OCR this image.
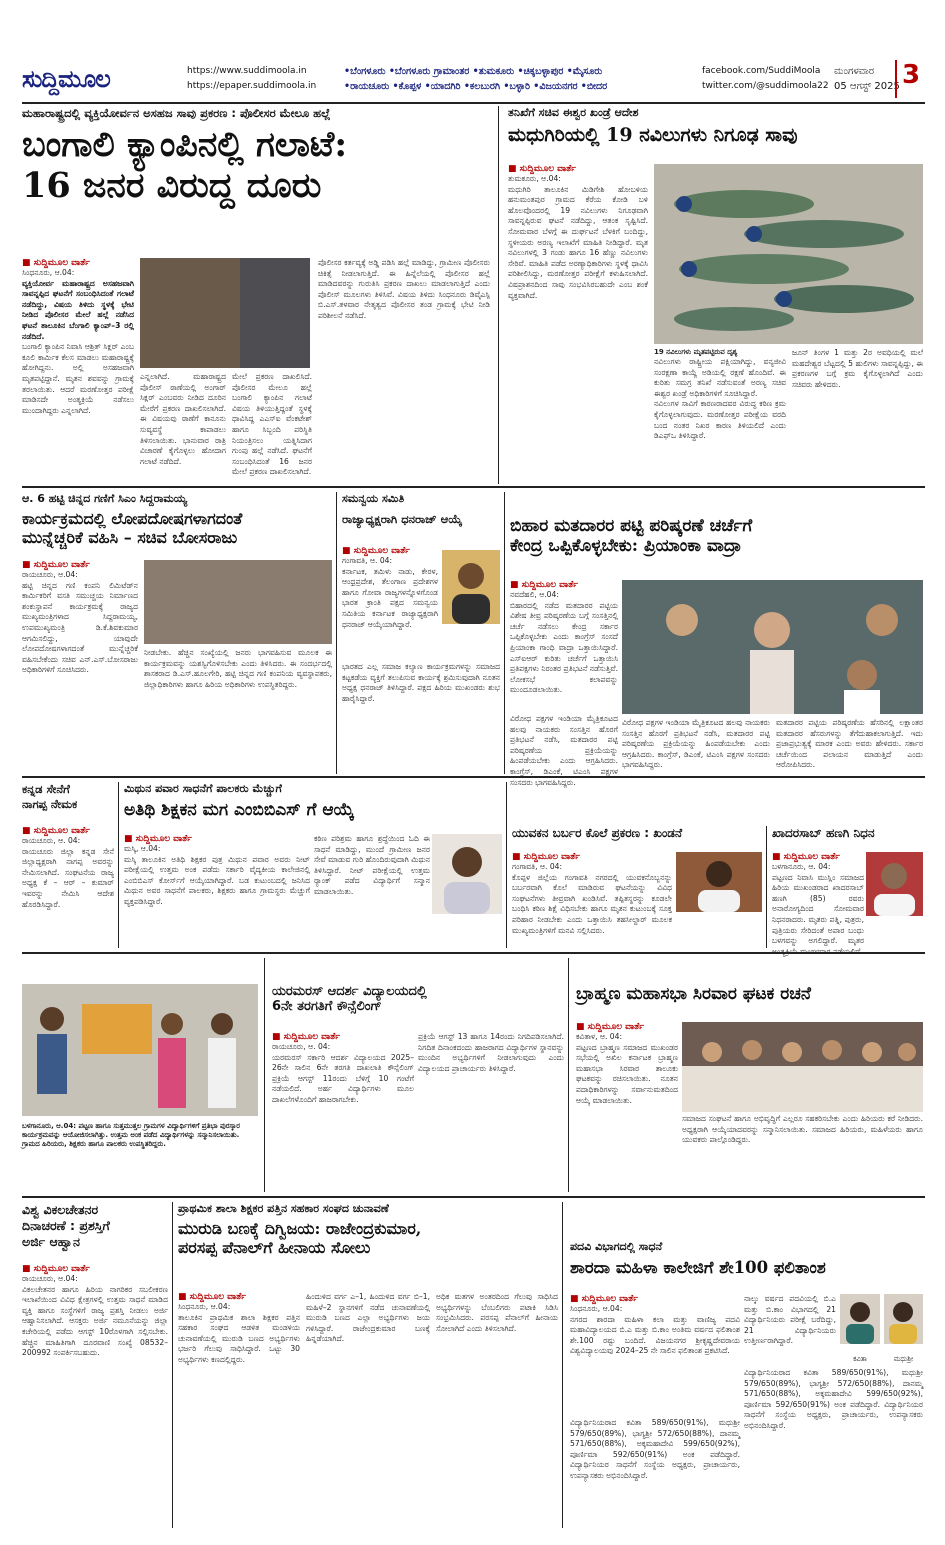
ಸುದ್ದಿಮೂಲ	https://www.suddimoola.in
https://epaper.suddimoola.in
•ಬೆಂಗಳೂರು •ಬೆಂಗಳೂರು ಗ್ರಾಮಾಂತರ •ತುಮಕೂರು •ಚಿಕ್ಕಬಳ್ಳಾಪುರ •ಮೈಸೂರು
•ರಾಯಚೂರು •ಕೊಪ್ಪಳ •ಯಾದಗಿರಿ •ಕಲಬುರಗಿ •ಬಳ್ಳಾರಿ •ವಿಜಯನಗರ •ಬೀದರ
facebook.com/SuddiMoola
twitter.com/@suddimoola22
ಮಂಗಳವಾರ
05 ಆಗಸ್ಟ್ 2025 3
ಮಹಾರಾಷ್ಟ್ರದಲ್ಲಿ ವ್ಯಕ್ತಿಯೋರ್ವನ ಅಸಹಜ ಸಾವು ಪ್ರಕರಣ : ಪೊಲೀಸರ ಮೇಲೂ ಹಲ್ಲೆ
ಬಂಗಾಲಿ ಕ್ಯಾಂಪಿನಲ್ಲಿ ಗಲಾಟೆ:
16 ಜನರ ವಿರುದ್ದ ದೂರು
■ ಸುದ್ದಿಮೂಲ ವಾರ್ತೆ
ಸಿಂಧನೂರು, ಆ.04:
ವ್ಯಕ್ತಿಯೋರ್ವ ಮಹಾರಾಷ್ಟ್ರದ ಅಸಹಜವಾಗಿ ಸಾವನ್ನಪ್ಪಿದ ಘಟನೆಗೆ ಸಂಬಂಧಿಸಿದಂತೆ ಗಲಾಟೆ ನಡೆದಿದ್ದು, ವಿಷಯ ತಿಳಿದು ಸ್ಥಳಕ್ಕೆ ಭೇಟಿ ನೀಡಿದ ಪೊಲೀಸರ ಮೇಲೆ ಹಲ್ಲೆ ನಡೆಸಿದ ಘಟನೆ ತಾಲೂಕಿನ ಬೆಂಗಾಲಿ ಕ್ಯಾಂಪ್–3 ರಲ್ಲಿ ನಡೆದಿದೆ.
ಬಂಗಾಲಿ ಕ್ಯಾಂಪಿನ ನಿವಾಸಿ ಆಶ್ರಿತ್ ಸಿಕ್ಲರ್ ಎಂಬ ಕೂಲಿ ಕಾರ್ಮಿಕ ಕೆಲಸ ಮಾಡಲು ಮಹಾರಾಷ್ಟ್ರಕ್ಕೆ ಹೋಗಿದ್ದನು. ಅಲ್ಲಿ ಅಸಹಜವಾಗಿ ಮೃತಪಟ್ಟಿದ್ದಾನೆ. ಮೃತನ ಶವವನ್ನು ಗ್ರಾಮಕ್ಕೆ ತರಲಾಯಿತು. ಆದರೆ ಮರಣೋತ್ತರ ಪರೀಕ್ಷೆ ಮಾಡಿಸದೇ ಅಂತ್ಯಕ್ರಿಯೆ ನಡೆಸಲು ಮುಂದಾಗಿದ್ದರು ಎನ್ನಲಾಗಿದೆ.
ಎನ್ನಲಾಗಿದೆ. ಮಹಾರಾಷ್ಟ್ರದ ಪೊಲೀಸ್ ಠಾಣೆಯಲ್ಲಿ ಅಂಗಾರ್ ಸಿಕ್ಲರ್ ಎಂಬವರು ನೀಡಿದ ದೂರಿನ ಮೇರೆಗೆ ಪ್ರಕರಣ ದಾಖಲಿಸಲಾಗಿದೆ. ಈ ವಿಷಯವು ಠಾಣೆಗೆ ಕಾನೂನು ಸುವ್ಯವಸ್ಥೆ ಕಾಪಾಡಲು ತಿಳಿಸಲಾಯಿತು. ಭಾನುವಾರ ರಾತ್ರಿ ವಿಚಾರಣೆ ಕೈಗೊಳ್ಳಲು ಹೋದಾಗ ಗಲಾಟೆ ನಡೆದಿದೆ.
ಮೇಲೆ ಪ್ರಕರಣ ದಾಖಲಿಸಿದೆ. ಪೊಲೀಸರ ಮೇಲೂ ಹಲ್ಲೆ ಬಂಗಾಲಿ ಕ್ಯಾಂಪಿನ ಗಲಾಟೆ ವಿಷಯ ತಿಳಿಯುತ್ತಿದ್ದಂತೆ ಸ್ಥಳಕ್ಕೆ ಧಾವಿಸಿದ್ದ ಎಎಸ್ಐ ವೆಂಕಟೇಶ್ ಹಾಗೂ ಸಿಬ್ಬಂದಿ ಪರಿಸ್ಥಿತಿ ನಿಯಂತ್ರಿಸಲು ಯತ್ನಿಸಿದಾಗ ಗುಂಪು ಹಲ್ಲೆ ನಡೆಸಿದೆ. ಘಟನೆಗೆ ಸಂಬಂಧಿಸಿದಂತೆ 16 ಜನರ ಮೇಲೆ ಪ್ರಕರಣ ದಾಖಲಿಸಲಾಗಿದೆ.
ಪೊಲೀಸರ ಕರ್ತವ್ಯಕ್ಕೆ ಅಡ್ಡಿ ಪಡಿಸಿ ಹಲ್ಲೆ ಮಾಡಿದ್ದು, ಗ್ರಾಮೀಣ ಪೊಲೀಸರು ಚಿಕಿತ್ಸೆ ನೀಡಲಾಗುತ್ತಿದೆ. ಈ ಹಿನ್ನೆಲೆಯಲ್ಲಿ ಪೊಲೀಸರ ಹಲ್ಲೆ ಮಾಡಿದವರನ್ನು ಗುರುತಿಸಿ ಪ್ರಕರಣ ದಾಖಲು ಮಾಡಲಾಗುತ್ತಿದೆ ಎಂದು ಪೊಲೀಸ್ ಮೂಲಗಳು ತಿಳಿಸಿವೆ. ವಿಷಯ ತಿಳಿದು ಸಿಂಧನೂರು ಡಿವೈಎಸ್ಪಿ ಬಿ.ಎಸ್.ತಳವಾರ ನೇತೃತ್ವದ ಪೊಲೀಸರ ತಂಡ ಗ್ರಾಮಕ್ಕೆ ಭೇಟಿ ನೀಡಿ ಪರಿಶೀಲನೆ ನಡೆಸಿದೆ.
ತನಿಖೆಗೆ ಸಚಿವ ಈಶ್ವರ ಖಂಡ್ರೆ ಆದೇಶ
ಮಧುಗಿರಿಯಲ್ಲಿ 19 ನವಿಲುಗಳು ನಿಗೂಢ ಸಾವು
■ ಸುದ್ದಿಮೂಲ ವಾರ್ತೆ
ತುಮಕೂರು, ಆ.04:
ಮಧುಗಿರಿ ತಾಲೂಕಿನ ಮಿಡಿಗೇಶಿ ಹೋಬಳಿಯ ಹನುಮಂತಪುರ ಗ್ರಾಮದ ಕೆರೆಯ ಕೋಡಿ ಬಳಿ ಹೊಲವೊಂದರಲ್ಲಿ 19 ನವಿಲುಗಳು ನಿಗೂಢವಾಗಿ ಸಾವನ್ನಪ್ಪಿರುವ ಘಟನೆ ನಡೆದಿದ್ದು, ಆತಂಕ ಸೃಷ್ಟಿಸಿದೆ. ಸೋಮವಾರ ಬೆಳಗ್ಗೆ ಈ ದುರ್ಘಟನೆ ಬೆಳಕಿಗೆ ಬಂದಿದ್ದು, ಸ್ಥಳೀಯರು ಅರಣ್ಯ ಇಲಾಖೆಗೆ ಮಾಹಿತಿ ನೀಡಿದ್ದಾರೆ. ಮೃತ ನವಿಲುಗಳಲ್ಲಿ 3 ಗಂಡು ಹಾಗೂ 16 ಹೆಣ್ಣು ನವಿಲುಗಳು ಸೇರಿವೆ. ಮಾಹಿತಿ ಪಡೆದ ಅರಣ್ಯಾಧಿಕಾರಿಗಳು ಸ್ಥಳಕ್ಕೆ ಧಾವಿಸಿ ಪರಿಶೀಲಿಸಿದ್ದು, ಮರಣೋತ್ತರ ಪರೀಕ್ಷೆಗೆ ಕಳುಹಿಸಲಾಗಿದೆ. ವಿಷಪ್ರಾಶನದಿಂದ ಸಾವು ಸಂಭವಿಸಿರಬಹುದೇ ಎಂಬ ಶಂಕೆ ವ್ಯಕ್ತವಾಗಿದೆ.
19 ನವಿಲುಗಳು ಮೃತಪಟ್ಟಿರುವ ದೃಶ್ಯ
ನವಿಲುಗಳು ರಾಷ್ಟ್ರೀಯ ಪಕ್ಷಿಯಾಗಿದ್ದು, ವನ್ಯಜೀವಿ ಸಂರಕ್ಷಣಾ ಕಾಯ್ದೆ ಅಡಿಯಲ್ಲಿ ರಕ್ಷಣೆ ಹೊಂದಿವೆ. ಈ ಕುರಿತು ಸಮಗ್ರ ತನಿಖೆ ನಡೆಸುವಂತೆ ಅರಣ್ಯ ಸಚಿವ ಈಶ್ವರ ಖಂಡ್ರೆ ಅಧಿಕಾರಿಗಳಿಗೆ ಸೂಚಿಸಿದ್ದಾರೆ.
ನವಿಲುಗಳ ಸಾವಿಗೆ ಕಾರಣರಾದವರ ವಿರುದ್ಧ ಕಠಿಣ ಕ್ರಮ ಕೈಗೊಳ್ಳಲಾಗುವುದು. ಮರಣೋತ್ತರ ಪರೀಕ್ಷೆಯ ವರದಿ ಬಂದ ನಂತರ ನಿಖರ ಕಾರಣ ತಿಳಿಯಲಿದೆ ಎಂದು ಡಿಎಫ್ಒ ತಿಳಿಸಿದ್ದಾರೆ.
ಜೂನ್ ತಿಂಗಳ 1 ಮತ್ತು 2ರ ಅವಧಿಯಲ್ಲಿ ಮಲೆ ಮಹದೇಶ್ವರ ಬೆಟ್ಟದಲ್ಲಿ 5 ಹುಲಿಗಳು ಸಾವನ್ನಪ್ಪಿದ್ದು, ಈ ಪ್ರಕರಣಗಳ ಬಗ್ಗೆ ಕ್ರಮ ಕೈಗೊಳ್ಳಲಾಗಿದೆ ಎಂದು ಸಚಿವರು ಹೇಳಿದರು.
ಆ. 6 ಹಟ್ಟಿ ಚಿನ್ನದ ಗಣಿಗೆ ಸಿಎಂ ಸಿದ್ದರಾಮಯ್ಯ
ಕಾರ್ಯಕ್ರಮದಲ್ಲಿ ಲೋಪದೋಷಗಳಾಗದಂತೆ
ಮುನ್ನೆಚ್ಚರಿಕೆ ವಹಿಸಿ – ಸಚಿವ ಬೋಸರಾಜು
■ ಸುದ್ದಿಮೂಲ ವಾರ್ತೆ
ರಾಯಚೂರು, ಆ.04:
ಹಟ್ಟಿ ಚಿನ್ನದ ಗಣಿ ಕಂಪನಿ ಲಿಮಿಟೆಡ್‌ನ ಕಾರ್ಮಿಕರಿಗೆ ವಸತಿ ಸಮುಚ್ಚಯ ನಿರ್ಮಾಣದ ಶಂಕುಸ್ಥಾಪನೆ ಕಾರ್ಯಕ್ರಮಕ್ಕೆ ರಾಜ್ಯದ ಮುಖ್ಯಮಂತ್ರಿಗಳಾದ ಸಿದ್ದರಾಮಯ್ಯ, ಉಪಮುಖ್ಯಮಂತ್ರಿ ಡಿ.ಕೆ.ಶಿವಕುಮಾರ ಆಗಮಿಸಲಿದ್ದು, ಯಾವುದೇ ಲೋಪದೋಷಗಳಾಗದಂತೆ ಮುನ್ನೆಚ್ಚರಿಕೆ ವಹಿಸಬೇಕೆಂದು ಸಚಿವ ಎನ್.ಎಸ್.ಬೋಸರಾಜು ಅಧಿಕಾರಿಗಳಿಗೆ ಸೂಚಿಸಿದರು.
ನೀಡಬೇಕು. ಹೆಚ್ಚಿನ ಸಂಖ್ಯೆಯಲ್ಲಿ ಜನರು ಭಾಗವಹಿಸುವ ಮೂಲಕ ಈ ಕಾರ್ಯಕ್ರಮವನ್ನು ಯಶಸ್ವಿಗೊಳಿಸಬೇಕು ಎಂದು ತಿಳಿಸಿದರು. ಈ ಸಂದರ್ಭದಲ್ಲಿ ಶಾಸಕರಾದ ಡಿ.ಎಸ್.ಹೂಲಗೇರಿ, ಹಟ್ಟಿ ಚಿನ್ನದ ಗಣಿ ಕಂಪನಿಯ ವ್ಯವಸ್ಥಾಪಕರು, ಜಿಲ್ಲಾಧಿಕಾರಿಗಳು ಹಾಗೂ ಹಿರಿಯ ಅಧಿಕಾರಿಗಳು ಉಪಸ್ಥಿತರಿದ್ದರು.
ಸಮನ್ವಯ ಸಮಿತಿ
ರಾಜ್ಯಾಧ್ಯಕ್ಷರಾಗಿ ಧನರಾಜ್ ಆಯ್ಕೆ
■ ಸುದ್ದಿಮೂಲ ವಾರ್ತೆ
ಗಂಗಾವತಿ, ಆ. 04:
ಕರ್ನಾಟಕ, ತಮಿಳು ನಾಡು, ಕೇರಳ, ಆಂಧ್ರಪ್ರದೇಶ, ತೆಲಂಗಾಣ ಪ್ರದೇಶಗಳ ಹಾಗೂ ಗೋವಾ ರಾಜ್ಯಗಳನ್ನೊಳಗೊಂಡ ಭಾರತ ಕ್ರಾಂತಿ ಪಕ್ಷದ ಸಮನ್ವಯ ಸಮಿತಿಯ ಕರ್ನಾಟಕ ರಾಜ್ಯಾಧ್ಯಕ್ಷರಾಗಿ ಧನರಾಜ್ ಆಯ್ಕೆಯಾಗಿದ್ದಾರೆ.
ಭಾರತದ ಎಲ್ಲ ಸಮಾಜ ಕಲ್ಯಾಣ ಕಾರ್ಯಕ್ರಮಗಳನ್ನು ಸಮಾಜದ ಕಟ್ಟಕಡೆಯ ವ್ಯಕ್ತಿಗೆ ತಲುಪಿಸುವ ಕಾರ್ಯಕ್ಕೆ ಶ್ರಮಿಸುವುದಾಗಿ ನೂತನ ಅಧ್ಯಕ್ಷ ಧನರಾಜ್ ತಿಳಿಸಿದ್ದಾರೆ. ಪಕ್ಷದ ಹಿರಿಯ ಮುಖಂಡರು ಶುಭ ಹಾರೈಸಿದ್ದಾರೆ.
ಬಿಹಾರ ಮತದಾರರ ಪಟ್ಟಿ ಪರಿಷ್ಕರಣೆ ಚರ್ಚೆಗೆ
ಕೇಂದ್ರ ಒಪ್ಪಿಕೊಳ್ಳಬೇಕು: ಪ್ರಿಯಾಂಕಾ ವಾದ್ರಾ
■ ಸುದ್ದಿಮೂಲ ವಾರ್ತೆ
ನವದೆಹಲಿ, ಆ.04:
ಬಿಹಾರದಲ್ಲಿ ನಡೆದ ಮತದಾರರ ಪಟ್ಟಿಯ ವಿಶೇಷ ತೀವ್ರ ಪರಿಷ್ಕರಣೆಯ ಬಗ್ಗೆ ಸಂಸತ್ತಿನಲ್ಲಿ ಚರ್ಚೆ ನಡೆಸಲು ಕೇಂದ್ರ ಸರ್ಕಾರ ಒಪ್ಪಿಕೊಳ್ಳಬೇಕು ಎಂದು ಕಾಂಗ್ರೆಸ್ ಸಂಸದೆ ಪ್ರಿಯಾಂಕಾ ಗಾಂಧಿ ವಾದ್ರಾ ಒತ್ತಾಯಿಸಿದ್ದಾರೆ. ಎಸ್ಐಆರ್ ಕುರಿತು ಚರ್ಚೆಗೆ ಒತ್ತಾಯಿಸಿ ಪ್ರತಿಪಕ್ಷಗಳು ನಿರಂತರ ಪ್ರತಿಭಟನೆ ನಡೆಸುತ್ತಿವೆ. ಲೋಕಸಭೆ ಕಲಾಪವನ್ನು ಮುಂದೂಡಲಾಯಿತು.
ವಿರೋಧ ಪಕ್ಷಗಳ ಇಂಡಿಯಾ ಮೈತ್ರಿಕೂಟದ ಹಲವು ನಾಯಕರು ಸಂಸತ್ತಿನ ಹೊರಗೆ ಪ್ರತಿಭಟನೆ ನಡೆಸಿ, ಮತದಾರರ ಪಟ್ಟಿ ಪರಿಷ್ಕರಣೆಯ ಪ್ರಕ್ರಿಯೆಯನ್ನು ಹಿಂಪಡೆಯಬೇಕು ಎಂದು ಆಗ್ರಹಿಸಿದರು. ಕಾಂಗ್ರೆಸ್, ಡಿಎಂಕೆ, ಟಿಎಂಸಿ ಪಕ್ಷಗಳ ಸಂಸದರು ಭಾಗವಹಿಸಿದ್ದರು.
ವಿರೋಧ ಪಕ್ಷಗಳ ಇಂಡಿಯಾ ಮೈತ್ರಿಕೂಟದ ಹಲವು ನಾಯಕರು ಸಂಸತ್ತಿನ ಹೊರಗೆ ಪ್ರತಿಭಟನೆ ನಡೆಸಿ, ಮತದಾರರ ಪಟ್ಟಿ ಪರಿಷ್ಕರಣೆಯ ಪ್ರಕ್ರಿಯೆಯನ್ನು ಹಿಂಪಡೆಯಬೇಕು ಎಂದು ಆಗ್ರಹಿಸಿದರು. ಕಾಂಗ್ರೆಸ್, ಡಿಎಂಕೆ, ಟಿಎಂಸಿ ಪಕ್ಷಗಳ ಸಂಸದರು ಭಾಗವಹಿಸಿದ್ದರು.
ಮತದಾರರ ಪಟ್ಟಿಯ ಪರಿಷ್ಕರಣೆಯ ಹೆಸರಿನಲ್ಲಿ ಲಕ್ಷಾಂತರ ಮತದಾರರ ಹೆಸರುಗಳನ್ನು ತೆಗೆದುಹಾಕಲಾಗುತ್ತಿದೆ. ಇದು ಪ್ರಜಾಪ್ರಭುತ್ವಕ್ಕೆ ಮಾರಕ ಎಂದು ಅವರು ಹೇಳಿದರು. ಸರ್ಕಾರ ಚರ್ಚೆಯಿಂದ ಪಲಾಯನ ಮಾಡುತ್ತಿದೆ ಎಂದು ಆರೋಪಿಸಿದರು.
ಕನ್ನಡ ಸೇನೆಗೆ
ನಾಗಪ್ಪ ನೇಮಕ
■ ಸುದ್ದಿಮೂಲ ವಾರ್ತೆ
ರಾಯಚೂರು, ಆ. 04:
ರಾಯಚೂರು ಜಿಲ್ಲಾ ಕನ್ನಡ ಸೇನೆ ಜಿಲ್ಲಾಧ್ಯಕ್ಷರಾಗಿ ನಾಗಪ್ಪ ಅವರನ್ನು ನೇಮಿಸಲಾಗಿದೆ. ಸಂಘಟನೆಯ ರಾಜ್ಯ ಅಧ್ಯಕ್ಷ ಕೆ – ಆರ್ – ಕುಮಾರ್ ಇವರನ್ನು ನೇಮಿಸಿ ಆದೇಶ ಹೊರಡಿಸಿದ್ದಾರೆ.
ಮಿಥುನ ಪವಾರ ಸಾಧನೆಗೆ ಪಾಲಕರು ಮೆಚ್ಚುಗೆ
ಅತಿಥಿ ಶಿಕ್ಷಕನ ಮಗ ಎಂಬಿಬಿಎಸ್ ಗೆ ಆಯ್ಕೆ
■ ಸುದ್ದಿಮೂಲ ವಾರ್ತೆ
ಮಸ್ಕಿ, ಆ.04:
ಮಸ್ಕಿ ತಾಲೂಕಿನ ಅತಿಥಿ ಶಿಕ್ಷಕರ ಪುತ್ರ ಮಿಥುನ ಪವಾರ ಅವರು ನೀಟ್ ಪರೀಕ್ಷೆಯಲ್ಲಿ ಉತ್ತಮ ಅಂಕ ಪಡೆದು ಸರ್ಕಾರಿ ವೈದ್ಯಕೀಯ ಕಾಲೇಜಿನಲ್ಲಿ ಎಂಬಿಬಿಎಸ್ ಕೋರ್ಸ್‌ಗೆ ಆಯ್ಕೆಯಾಗಿದ್ದಾರೆ. ಬಡ ಕುಟುಂಬದಲ್ಲಿ ಜನಿಸಿದ ಮಿಥುನ ಅವರ ಸಾಧನೆಗೆ ಪಾಲಕರು, ಶಿಕ್ಷಕರು ಹಾಗೂ ಗ್ರಾಮಸ್ಥರು ಮೆಚ್ಚುಗೆ ವ್ಯಕ್ತಪಡಿಸಿದ್ದಾರೆ.
ಕಠಿಣ ಪರಿಶ್ರಮ ಹಾಗೂ ಶ್ರದ್ಧೆಯಿಂದ ಓದಿ ಈ ಸಾಧನೆ ಮಾಡಿದ್ದು, ಮುಂದೆ ಗ್ರಾಮೀಣ ಜನರ ಸೇವೆ ಮಾಡುವ ಗುರಿ ಹೊಂದಿರುವುದಾಗಿ ಮಿಥುನ ತಿಳಿಸಿದ್ದಾರೆ. ನೀಟ್ ಪರೀಕ್ಷೆಯಲ್ಲಿ ಉತ್ತಮ ರ‍್ಯಾಂಕ್ ಪಡೆದ ವಿದ್ಯಾರ್ಥಿಗೆ ಸನ್ಮಾನ ಮಾಡಲಾಯಿತು.
ಯುವಕನ ಬರ್ಬರ ಕೊಲೆ ಪ್ರಕರಣ : ಖಂಡನೆ
■ ಸುದ್ದಿಮೂಲ ವಾರ್ತೆ
ಗಂಗಾವತಿ, ಆ. 04:
ಕೊಪ್ಪಳ ಜಿಲ್ಲೆಯ ಗಂಗಾವತಿ ನಗರದಲ್ಲಿ ಯುವಕನೊಬ್ಬನನ್ನು ಬರ್ಬರವಾಗಿ ಕೊಲೆ ಮಾಡಿರುವ ಘಟನೆಯನ್ನು ವಿವಿಧ ಸಂಘಟನೆಗಳು ತೀವ್ರವಾಗಿ ಖಂಡಿಸಿವೆ. ತಪ್ಪಿತಸ್ಥರನ್ನು ಕೂಡಲೇ ಬಂಧಿಸಿ ಕಠಿಣ ಶಿಕ್ಷೆ ವಿಧಿಸಬೇಕು ಹಾಗೂ ಮೃತನ ಕುಟುಂಬಕ್ಕೆ ಸೂಕ್ತ ಪರಿಹಾರ ನೀಡಬೇಕು ಎಂದು ಒತ್ತಾಯಿಸಿ ತಹಸೀಲ್ದಾರ್ ಮೂಲಕ ಮುಖ್ಯಮಂತ್ರಿಗಳಿಗೆ ಮನವಿ ಸಲ್ಲಿಸಿದರು.
ಖಾದರಸಾಬ್ ಹಣಗಿ ನಿಧನ
■ ಸುದ್ದಿಮೂಲ ವಾರ್ತೆ
ಬಳಗಾನೂರು, ಆ. 04:
ಪಟ್ಟಣದ ನಿವಾಸಿ ಮುಸ್ಲಿಂ ಸಮಾಜದ ಹಿರಿಯ ಮುಖಂಡರಾದ ಖಾದರಸಾಬ್ ಹಣಗಿ (85) ರವರು ಅನಾರೋಗ್ಯದಿಂದ ಸೋಮವಾರ ನಿಧನರಾದರು. ಮೃತರು ಪತ್ನಿ, ಪುತ್ರರು, ಪುತ್ರಿಯರು ಸೇರಿದಂತೆ ಅಪಾರ ಬಂಧು ಬಳಗವನ್ನು ಅಗಲಿದ್ದಾರೆ. ಮೃತರ
ಬಳಗಾನೂರು, ಆ.04: ಪಟ್ಟಣ ಹಾಗೂ ಸುತ್ತಮುತ್ತಲ ಗ್ರಾಮಗಳ ವಿದ್ಯಾರ್ಥಿಗಳಿಗೆ ಪ್ರತಿಭಾ ಪುರಸ್ಕಾರ ಕಾರ್ಯಕ್ರಮವನ್ನು ಆಯೋಜಿಸಲಾಗಿತ್ತು. ಉತ್ತಮ ಅಂಕ ಪಡೆದ ವಿದ್ಯಾರ್ಥಿಗಳನ್ನು ಸನ್ಮಾನಿಸಲಾಯಿತು. ಗ್ರಾಮದ ಹಿರಿಯರು, ಶಿಕ್ಷಕರು ಹಾಗೂ ಪಾಲಕರು ಉಪಸ್ಥಿತರಿದ್ದರು.
ಯರಮರಸ್ ಆದರ್ಶ ವಿದ್ಯಾಲಯದಲ್ಲಿ
6ನೇ ತರಗತಿಗೆ ಕೌನ್ಸೆಲಿಂಗ್
■ ಸುದ್ದಿಮೂಲ ವಾರ್ತೆ
ರಾಯಚೂರು, ಆ. 04:
ಯರಮರಸ್ ಸರ್ಕಾರಿ ಆದರ್ಶ ವಿದ್ಯಾಲಯದ 2025–26ನೇ ಸಾಲಿನ 6ನೇ ತರಗತಿ ದಾಖಲಾತಿ ಕೌನ್ಸೆಲಿಂಗ್ ಪ್ರಕ್ರಿಯೆ ಆಗಸ್ಟ್ 11ರಂದು ಬೆಳಿಗ್ಗೆ 10 ಗಂಟೆಗೆ ನಡೆಯಲಿದೆ. ಅರ್ಹ ವಿದ್ಯಾರ್ಥಿಗಳು ಮೂಲ ದಾಖಲೆಗಳೊಂದಿಗೆ ಹಾಜರಾಗಬೇಕು.
ಪ್ರಕ್ರಿಯೆ ಆಗಸ್ಟ್ 13 ಹಾಗೂ 14ರಂದು ನಿಗದಿಪಡಿಸಲಾಗಿದೆ. ನಿಗದಿತ ದಿನಾಂಕದಂದು ಹಾಜರಾಗದ ವಿದ್ಯಾರ್ಥಿಗಳ ಸ್ಥಾನವನ್ನು ಮುಂದಿನ ಅಭ್ಯರ್ಥಿಗಳಿಗೆ ನೀಡಲಾಗುವುದು ಎಂದು ವಿದ್ಯಾಲಯದ ಪ್ರಾಚಾರ್ಯರು ತಿಳಿಸಿದ್ದಾರೆ.
ಬ್ರಾಹ್ಮಣ ಮಹಾಸಭಾ ಸಿರವಾರ ಘಟಕ ರಚನೆ
■ ಸುದ್ದಿಮೂಲ ವಾರ್ತೆ
ಕವಿತಾಳ, ಆ. 04:
ಪಟ್ಟಣದ ಬ್ರಾಹ್ಮಣ ಸಮಾಜದ ಮುಖಂಡರ ಸಭೆಯಲ್ಲಿ ಅಖಿಲ ಕರ್ನಾಟಕ ಬ್ರಾಹ್ಮಣ ಮಹಾಸಭಾ ಸಿರವಾರ ತಾಲೂಕು ಘಟಕವನ್ನು ರಚಿಸಲಾಯಿತು. ನೂತನ ಪದಾಧಿಕಾರಿಗಳನ್ನು ಸರ್ವಾನುಮತದಿಂದ ಆಯ್ಕೆ ಮಾಡಲಾಯಿತು.
ಸಮಾಜದ ಸಂಘಟನೆ ಹಾಗೂ ಅಭಿವೃದ್ಧಿಗೆ ಎಲ್ಲರೂ ಸಹಕರಿಸಬೇಕು ಎಂದು ಹಿರಿಯರು ಕರೆ ನೀಡಿದರು. ಅಧ್ಯಕ್ಷರಾಗಿ ಆಯ್ಕೆಯಾದವರನ್ನು ಸನ್ಮಾನಿಸಲಾಯಿತು. ಸಮಾಜದ ಹಿರಿಯರು, ಮಹಿಳೆಯರು ಹಾಗೂ ಯುವಕರು ಪಾಲ್ಗೊಂಡಿದ್ದರು.
ವಿಶ್ವ ವಿಕಲಚೇತನರ
ದಿನಾಚರಣೆ : ಪ್ರಶಸ್ತಿಗೆ
ಅರ್ಜಿ ಆಹ್ವಾನ
■ ಸುದ್ದಿಮೂಲ ವಾರ್ತೆ
ರಾಯಚೂರು, ಆ.04:
ವಿಕಲಚೇತನರ ಹಾಗೂ ಹಿರಿಯ ನಾಗರಿಕರ ಸಬಲೀಕರಣ ಇಲಾಖೆಯಿಂದ ವಿವಿಧ ಕ್ಷೇತ್ರಗಳಲ್ಲಿ ಉತ್ತಮ ಸಾಧನೆ ಮಾಡಿದ ವ್ಯಕ್ತಿ ಹಾಗೂ ಸಂಸ್ಥೆಗಳಿಗೆ ರಾಜ್ಯ ಪ್ರಶಸ್ತಿ ನೀಡಲು ಅರ್ಜಿ ಆಹ್ವಾನಿಸಲಾಗಿದೆ. ಆಸಕ್ತರು ಅರ್ಜಿ ನಮೂನೆಯನ್ನು ಜಿಲ್ಲಾ ಕಚೇರಿಯಲ್ಲಿ ಪಡೆದು ಆಗಸ್ಟ್ 10ರೊಳಗಾಗಿ ಸಲ್ಲಿಸಬೇಕು. ಹೆಚ್ಚಿನ ಮಾಹಿತಿಗಾಗಿ ದೂರವಾಣಿ ಸಂಖ್ಯೆ 08532–200992 ಸಂಪರ್ಕಿಸಬಹುದು.
ಪ್ರಾಥಮಿಕ ಶಾಲಾ ಶಿಕ್ಷಕರ ಪತ್ತಿನ ಸಹಕಾರ ಸಂಘದ ಚುನಾವಣೆ
ಮುರುಡಿ ಬಣಕ್ಕೆ ದಿಗ್ವಿಜಯ: ರಾಜೇಂದ್ರಕುಮಾರ,
ಪರಸಪ್ಪ ಪೆನಾಲ್‌ಗೆ ಹೀನಾಯ ಸೋಲು
■ ಸುದ್ದಿಮೂಲ ವಾರ್ತೆ
ಸಿಂಧನೂರು, ಆ.04:
ತಾಲೂಕಿನ ಪ್ರಾಥಮಿಕ ಶಾಲಾ ಶಿಕ್ಷಕರ ಪತ್ತಿನ ಸಹಕಾರ ಸಂಘದ ಆಡಳಿತ ಮಂಡಳಿಯ ಚುನಾವಣೆಯಲ್ಲಿ ಮುರುಡಿ ಬಣದ ಅಭ್ಯರ್ಥಿಗಳು ಭರ್ಜರಿ ಗೆಲುವು ಸಾಧಿಸಿದ್ದಾರೆ. ಒಟ್ಟು 30 ಅಭ್ಯರ್ಥಿಗಳು ಕಣದಲ್ಲಿದ್ದರು.
ಹಿಂದುಳಿದ ವರ್ಗ ಎ–1, ಹಿಂದುಳಿದ ವರ್ಗ ಬಿ–1, ಮಹಿಳೆ–2 ಸ್ಥಾನಗಳಿಗೆ ನಡೆದ ಚುನಾವಣೆಯಲ್ಲಿ ಮುರುಡಿ ಬಣದ ಎಲ್ಲಾ ಅಭ್ಯರ್ಥಿಗಳು ಜಯ ಗಳಿಸಿದ್ದಾರೆ. ರಾಜೇಂದ್ರಕುಮಾರ ಬಣಕ್ಕೆ ಹಿನ್ನಡೆಯಾಗಿದೆ.
ಅಧಿಕ ಮತಗಳ ಅಂತರದಿಂದ ಗೆಲುವು ಸಾಧಿಸಿದ ಅಭ್ಯರ್ಥಿಗಳನ್ನು ಬೆಂಬಲಿಗರು ಪಟಾಕಿ ಸಿಡಿಸಿ ಸಂಭ್ರಮಿಸಿದರು. ಪರಸಪ್ಪ ಪೆನಾಲ್‌ಗೆ ಹೀನಾಯ ಸೋಲಾಗಿದೆ ಎಂದು ತಿಳಿಸಲಾಗಿದೆ.
ಪದವಿ ವಿಭಾಗದಲ್ಲಿ ಸಾಧನೆ
ಶಾರದಾ ಮಹಿಳಾ ಕಾಲೇಜಿಗೆ ಶೇ100 ಫಲಿತಾಂಶ
■ ಸುದ್ದಿಮೂಲ ವಾರ್ತೆ
ಸಿಂಧನೂರು, ಆ.04:
ನಗರದ ಶಾರದಾ ಮಹಿಳಾ ಕಲಾ ಮತ್ತು ವಾಣಿಜ್ಯ ಪದವಿ ಮಹಾವಿದ್ಯಾಲಯದ ಬಿ.ಎ ಮತ್ತು ಬಿ.ಕಾಂ ಅಂತಿಮ ವರ್ಷದ ಫಲಿತಾಂಶ ಶೇ.100 ರಷ್ಟು ಬಂದಿದೆ. ವಿಜಯನಗರ ಶ್ರೀಕೃಷ್ಣದೇವರಾಯ ವಿಶ್ವವಿದ್ಯಾಲಯವು 2024–25 ನೇ ಸಾಲಿನ ಫಲಿತಾಂಶ ಪ್ರಕಟಿಸಿದೆ.
ನಾಲ್ಕು ವರ್ಷದ ಪದವಿಯಲ್ಲಿ ಬಿ.ಎ ಮತ್ತು ಬಿ.ಕಾಂ ವಿಭಾಗದಲ್ಲಿ 21 ವಿದ್ಯಾರ್ಥಿನಿಯರು ಪರೀಕ್ಷೆ ಬರೆದಿದ್ದು, 21 ವಿದ್ಯಾರ್ಥಿನಿಯರು ಉತ್ತೀರ್ಣರಾಗಿದ್ದಾರೆ.
ಕವಿತಾ	ಮಧುಶ್ರೀ
ವಿದ್ಯಾರ್ಥಿನಿಯರಾದ ಕವಿತಾ 589/650(91%), ಮಧುಶ್ರೀ 579/650(89%), ಭಾಗ್ಯಶ್ರೀ 572/650(88%), ದಾನಮ್ಮ 571/650(88%), ಅಕ್ಕಮಹಾದೇವಿ 599/650(92%), ಪೂರ್ಣಿಮಾ 592/650(91%) ಅಂಕ ಪಡೆದಿದ್ದಾರೆ. ವಿದ್ಯಾರ್ಥಿನಿಯರ ಸಾಧನೆಗೆ ಸಂಸ್ಥೆಯ ಅಧ್ಯಕ್ಷರು, ಪ್ರಾಚಾರ್ಯರು, ಉಪನ್ಯಾಸಕರು ಅಭಿನಂದಿಸಿದ್ದಾರೆ.
ವಿದ್ಯಾರ್ಥಿನಿಯರಾದ ಕವಿತಾ 589/650(91%), ಮಧುಶ್ರೀ 579/650(89%), ಭಾಗ್ಯಶ್ರೀ 572/650(88%), ದಾನಮ್ಮ 571/650(88%), ಅಕ್ಕಮಹಾದೇವಿ 599/650(92%), ಪೂರ್ಣಿಮಾ 592/650(91%) ಅಂಕ ಪಡೆದಿದ್ದಾರೆ. ವಿದ್ಯಾರ್ಥಿನಿಯರ ಸಾಧನೆಗೆ ಸಂಸ್ಥೆಯ ಅಧ್ಯಕ್ಷರು, ಪ್ರಾಚಾರ್ಯರು, ಉಪನ್ಯಾಸಕರು ಅಭಿನಂದಿಸಿದ್ದಾರೆ.
